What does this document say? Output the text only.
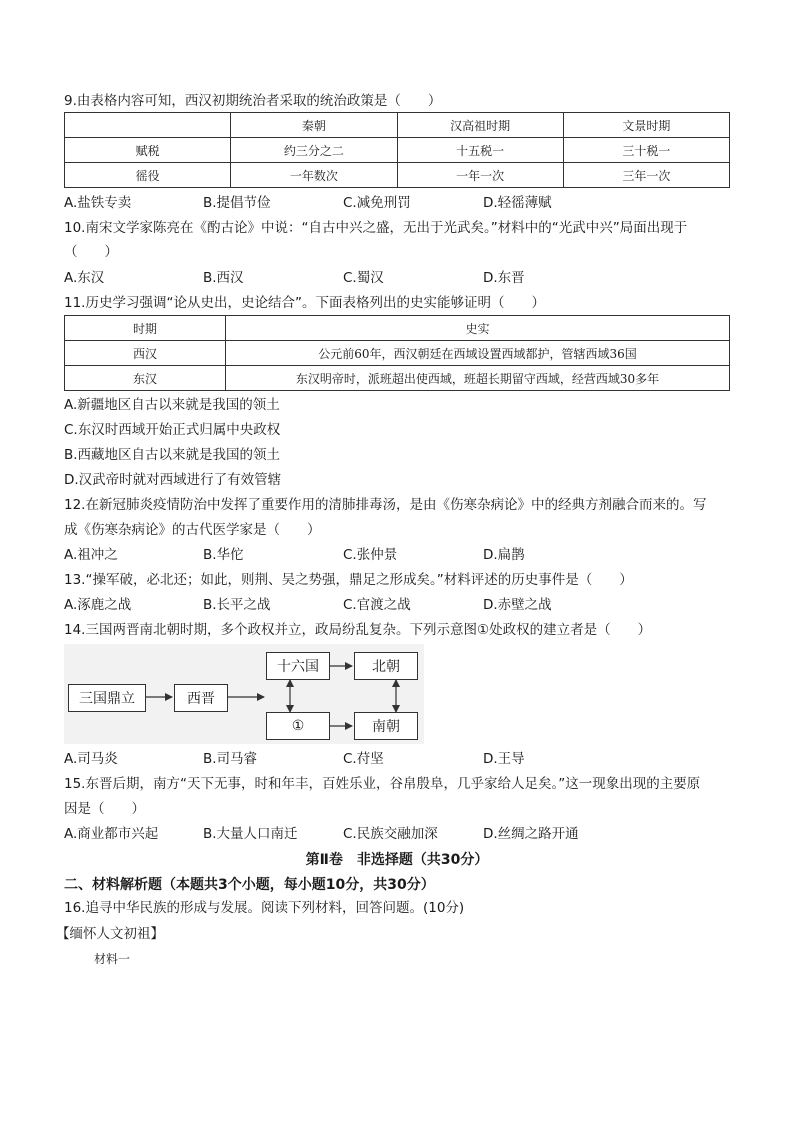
9.由表格内容可知，西汉初期统治者采取的统治政策是（　　）
	秦朝	汉高祖时期	文景时期
赋税	约三分之二	十五税一	三十税一
徭役	一年数次	一年一次	三年一次
A.盐铁专卖	B.提倡节俭	C.减免刑罚	D.轻徭薄赋
10.南宋文学家陈亮在《酌古论》中说：“自古中兴之盛，无出于光武矣。”材料中的“光武中兴”局面出现于
（　　）
A.东汉	B.西汉	C.蜀汉	D.东晋
11.历史学习强调“论从史出，史论结合”。下面表格列出的史实能够证明（　　）
时期	史实
西汉	公元前60年，西汉朝廷在西域设置西域都护，管辖西域36国
东汉	东汉明帝时，派班超出使西域，班超长期留守西域，经营西域30多年
A.新疆地区自古以来就是我国的领土
C.东汉时西域开始正式归属中央政权
B.西藏地区自古以来就是我国的领土
D.汉武帝时就对西域进行了有效管辖
12.在新冠肺炎疫情防治中发挥了重要作用的清肺排毒汤，是由《伤寒杂病论》中的经典方剂融合而来的。写
成《伤寒杂病论》的古代医学家是（　　）
A.祖冲之	B.华佗	C.张仲景	D.扁鹊
13.“操军破，必北还；如此，则荆、吴之势强，鼎足之形成矣。”材料评述的历史事件是（　　）
A.涿鹿之战	B.长平之战	C.官渡之战	D.赤壁之战
14.三国两晋南北朝时期，多个政权并立，政局纷乱复杂。下列示意图①处政权的建立者是（　　）
三国鼎立	西晋
十六国	北朝
①	南朝
A.司马炎	B.司马睿	C.苻坚	D.王导
15.东晋后期，南方“天下无事，时和年丰，百姓乐业，谷帛殷阜，几乎家给人足矣。”这一现象出现的主要原
因是（　　）
A.商业都市兴起	B.大量人口南迁	C.民族交融加深	D.丝绸之路开通
第Ⅱ卷　非选择题（共30分）
二、材料解析题（本题共3个小题，每小题10分，共30分）
16.追寻中华民族的形成与发展。阅读下列材料，回答问题。(10分)
【缅怀人文初祖】
材料一
